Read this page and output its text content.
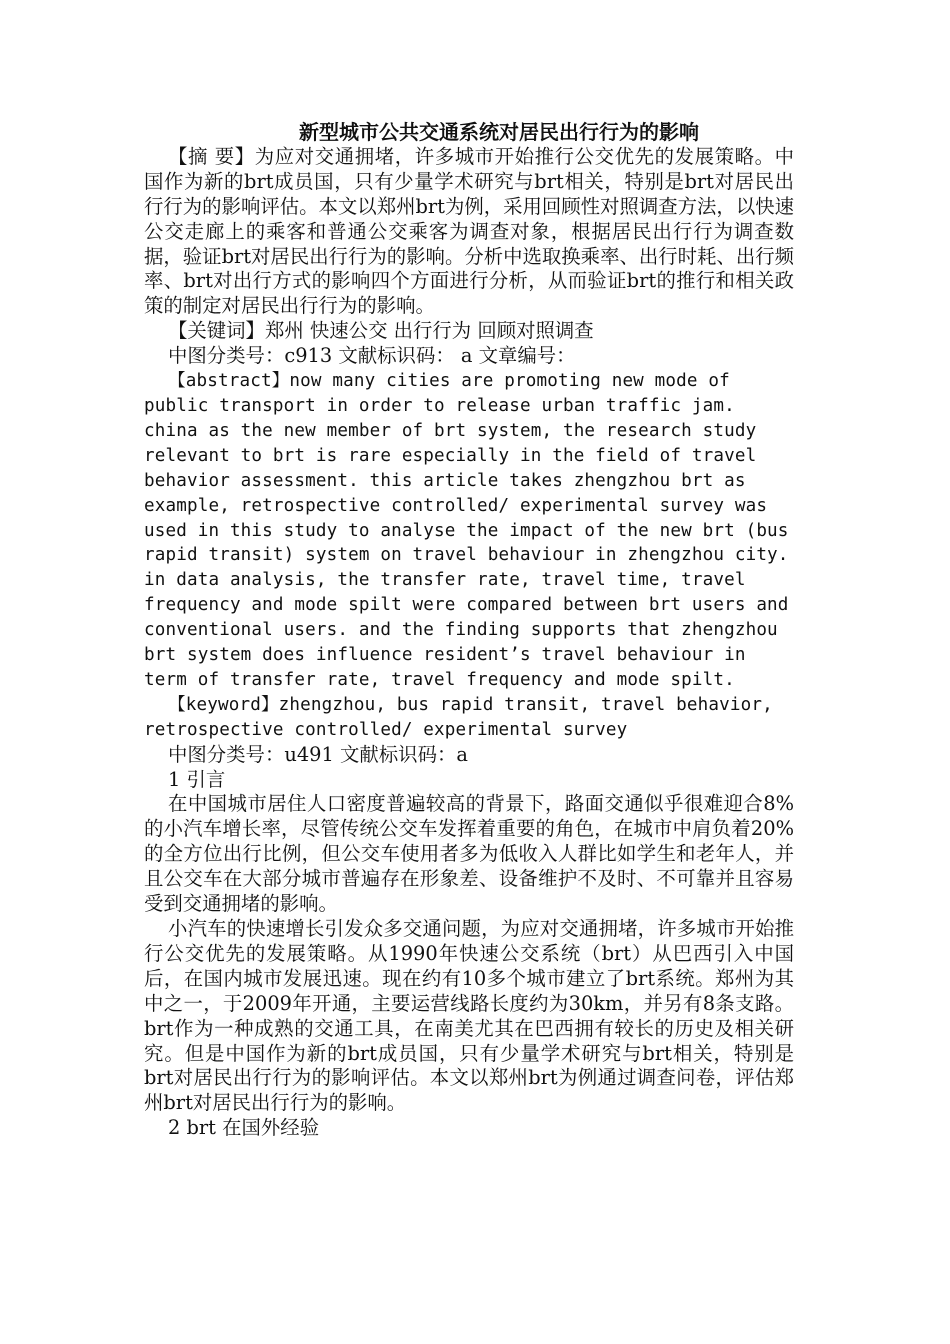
新型城市公共交通系统对居民出行行为的影响

【摘 要】为应对交通拥堵，许多城市开始推行公交优先的发展策略。中国作为新的brt成员国，只有少量学术研究与brt相关，特别是brt对居民出行行为的影响评估。本文以郑州brt为例，采用回顾性对照调查方法，以快速公交走廊上的乘客和普通公交乘客为调查对象，根据居民出行行为调查数据，验证brt对居民出行行为的影响。分析中选取换乘率、出行时耗、出行频率、brt对出行方式的影响四个方面进行分析，从而验证brt的推行和相关政策的制定对居民出行行为的影响。

【关键词】郑州 快速公交 出行行为 回顾对照调查

中图分类号：c913 文献标识码： a 文章编号：

【abstract】now many cities are promoting new mode of public transport in order to release urban traffic jam. china as the new member of brt system, the research study relevant to brt is rare especially in the field of travel behavior assessment. this article takes zhengzhou brt as example, retrospective controlled/ experimental survey was used in this study to analyse the impact of the new brt (bus rapid transit) system on travel behaviour in zhengzhou city. in data analysis, the transfer rate, travel time, travel frequency and mode spilt were compared between brt users and conventional users. and the finding supports that zhengzhou brt system does influence resident’s travel behaviour in term of transfer rate, travel frequency and mode spilt.

【keyword】zhengzhou, bus rapid transit, travel behavior, retrospective controlled/ experimental survey

中图分类号：u491 文献标识码：a

1 引言

在中国城市居住人口密度普遍较高的背景下，路面交通似乎很难迎合8%的小汽车增长率，尽管传统公交车发挥着重要的角色，在城市中肩负着20%的全方位出行比例，但公交车使用者多为低收入人群比如学生和老年人，并且公交车在大部分城市普遍存在形象差、设备维护不及时、不可靠并且容易受到交通拥堵的影响。

小汽车的快速增长引发众多交通问题，为应对交通拥堵，许多城市开始推行公交优先的发展策略。从1990年快速公交系统（brt）从巴西引入中国后，在国内城市发展迅速。现在约有10多个城市建立了brt系统。郑州为其中之一，于2009年开通，主要运营线路长度约为30km，并另有8条支路。brt作为一种成熟的交通工具，在南美尤其在巴西拥有较长的历史及相关研究。但是中国作为新的brt成员国，只有少量学术研究与brt相关，特别是brt对居民出行行为的影响评估。本文以郑州brt为例通过调查问卷，评估郑州brt对居民出行行为的影响。

2 brt 在国外经验
